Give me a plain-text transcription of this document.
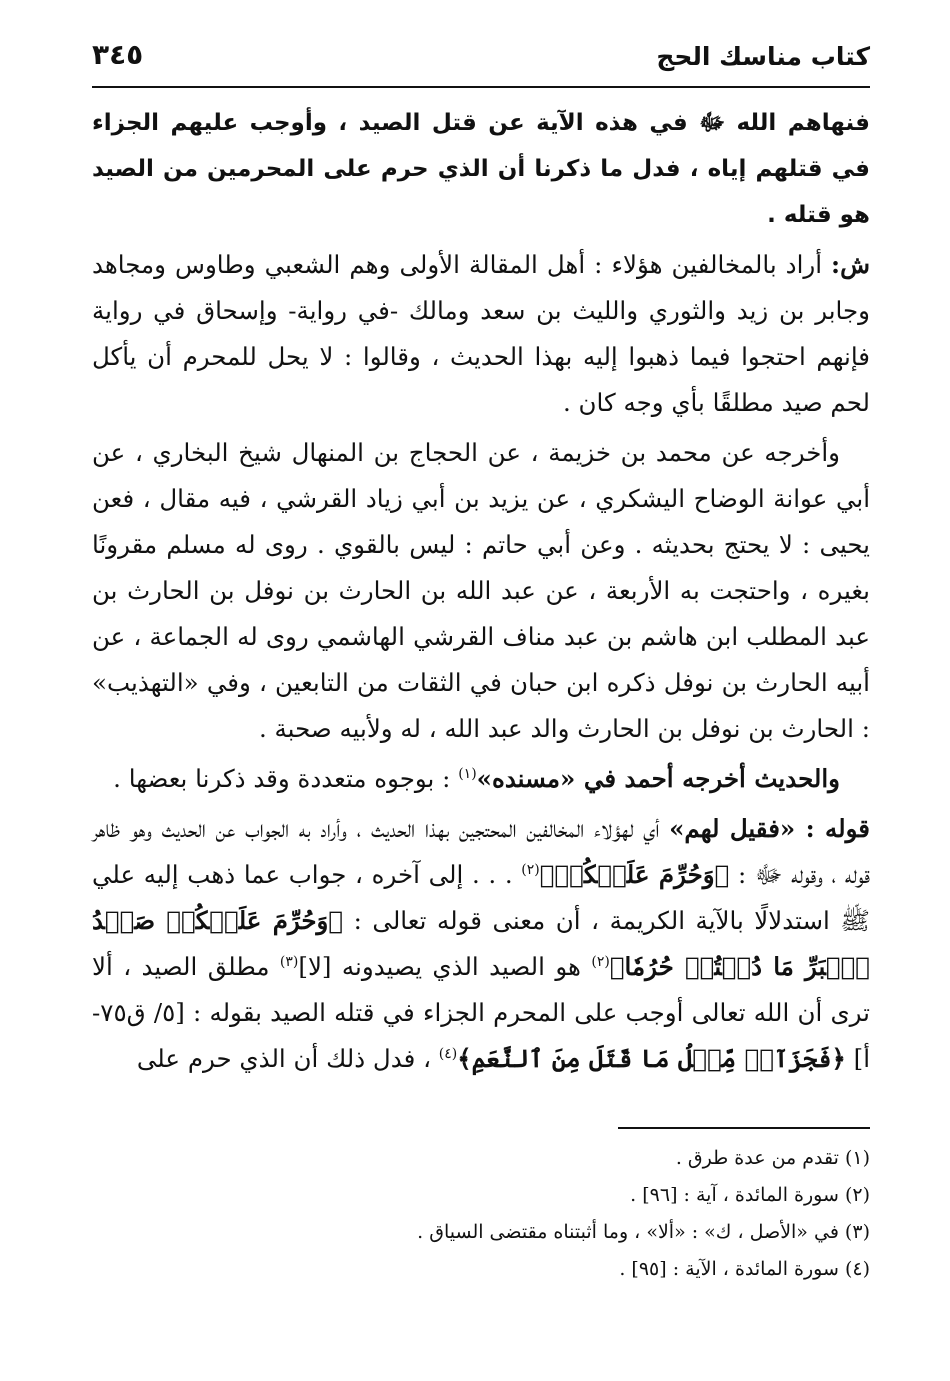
كتاب مناسك الحج
٣٤٥

فنهاهم الله ﷻ في هذه الآية عن قتل الصيد ، وأوجب عليهم الجزاء في قتلهم إياه ، فدل ما ذكرنا أن الذي حرم على المحرمين من الصيد هو قتله .

ش: أراد بالمخالفين هؤلاء : أهل المقالة الأولى وهم الشعبي وطاوس ومجاهد وجابر بن زيد والثوري والليث بن سعد ومالك -في رواية- وإسحاق في رواية فإنهم احتجوا فيما ذهبوا إليه بهذا الحديث ، وقالوا : لا يحل للمحرم أن يأكل لحم صيد مطلقًا بأي وجه كان .

وأخرجه عن محمد بن خزيمة ، عن الحجاج بن المنهال شيخ البخاري ، عن أبي عوانة الوضاح اليشكري ، عن يزيد بن أبي زياد القرشي ، فيه مقال ، فعن يحيى : لا يحتج بحديثه . وعن أبي حاتم : ليس بالقوي . روى له مسلم مقرونًا بغيره ، واحتجت به الأربعة ، عن عبد الله بن الحارث بن نوفل بن الحارث بن عبد المطلب ابن هاشم بن عبد مناف القرشي الهاشمي روى له الجماعة ، عن أبيه الحارث بن نوفل ذكره ابن حبان في الثقات من التابعين ، وفي «التهذيب» : الحارث بن نوفل بن الحارث والد عبد الله ، له ولأبيه صحبة .

والحديث أخرجه أحمد في «مسنده»$^{(١)}$ : بوجوه متعددة وقد ذكرنا بعضها .

قوله : «فقيل لهم» أي لهؤلاء المخالفين المحتجين بهذا الحديث ، وأراد به الجواب عن الحديث وهو ظاهر قوله ، وقوله ﷻ : ﴿وَحُرِّمَ عَلَيۡكُمۡ﴾$^{(٢)}$ . . . إلى آخره ، جواب عما ذهب إليه علي ﷺ استدلالًا بالآية الكريمة ، أن معنى قوله تعالى : ﴿وَحُرِّمَ عَلَيۡكُمۡ صَيۡدُ ٱلۡبَرِّ مَا دُمۡتُمۡ حُرُمٗا﴾$^{(٢)}$ هو الصيد الذي يصيدونه [لا]$^{(٣)}$ مطلق الصيد ، ألا ترى أن الله تعالى أوجب على المحرم الجزاء في قتله الصيد بقوله : [٥/ ق٧٥-أ] ﴿فَجَزَآءٞ مِّثۡلُ مَا قَتَلَ مِنَ ٱلنَّعَمِ﴾$^{(٤)}$ ، فدل ذلك أن الذي حرم على

(١) تقدم من عدة طرق .

(٢) سورة المائدة ، آية : [٩٦] .

(٣) في «الأصل ، ك» : «ألا» ، وما أثبتناه مقتضى السياق .

(٤) سورة المائدة ، الآية : [٩٥] .
